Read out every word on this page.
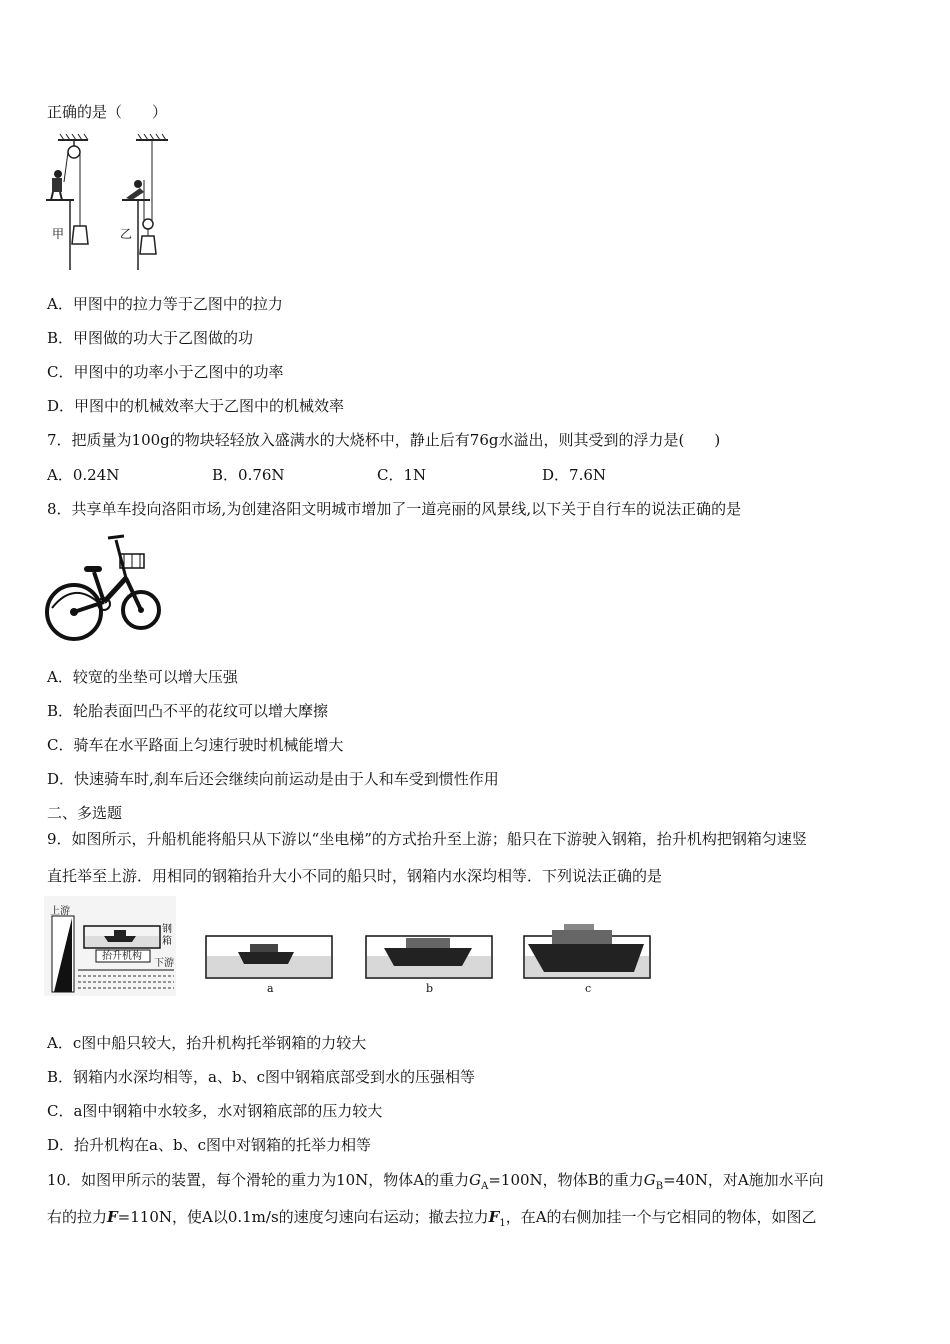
正确的是（　　）
甲	乙
A．甲图中的拉力等于乙图中的拉力
B．甲图做的功大于乙图做的功
C．甲图中的功率小于乙图中的功率
D．甲图中的机械效率大于乙图中的机械效率
7．把质量为100g的物块轻轻放入盛满水的大烧杯中，静止后有76g水溢出，则其受到的浮力是(　　)
A．0.24N	B．0.76N	C．1N	D．7.6N
8．共享单车投向洛阳市场,为创建洛阳文明城市增加了一道亮丽的风景线,以下关于自行车的说法正确的是
A．较宽的坐垫可以增大压强
B．轮胎表面凹凸不平的花纹可以增大摩擦
C．骑车在水平路面上匀速行驶时机械能增大
D．快速骑车时,刹车后还会继续向前运动是由于人和车受到惯性作用
二、多选题
9．如图所示，升船机能将船只从下游以“坐电梯”的方式抬升至上游；船只在下游驶入钢箱，抬升机构把钢箱匀速竖
直托举至上游．用相同的钢箱抬升大小不同的船只时，钢箱内水深均相等．下列说法正确的是
上游
钢箱
抬升机构
下游
a	b	c
A．c图中船只较大，抬升机构托举钢箱的力较大
B．钢箱内水深均相等，a、b、c图中钢箱底部受到水的压强相等
C．a图中钢箱中水较多，水对钢箱底部的压力较大
D．抬升机构在a、b、c图中对钢箱的托举力相等
10．如图甲所示的装置，每个滑轮的重力为10N，物体A的重力$G_A=100N$，物体B的重力$G_B=40N$，对A施加水平向
右的拉力F=110N，使A以0.1m/s的速度匀速向右运动；撤去拉力$F_1$，在A的右侧加挂一个与它相同的物体，如图乙
